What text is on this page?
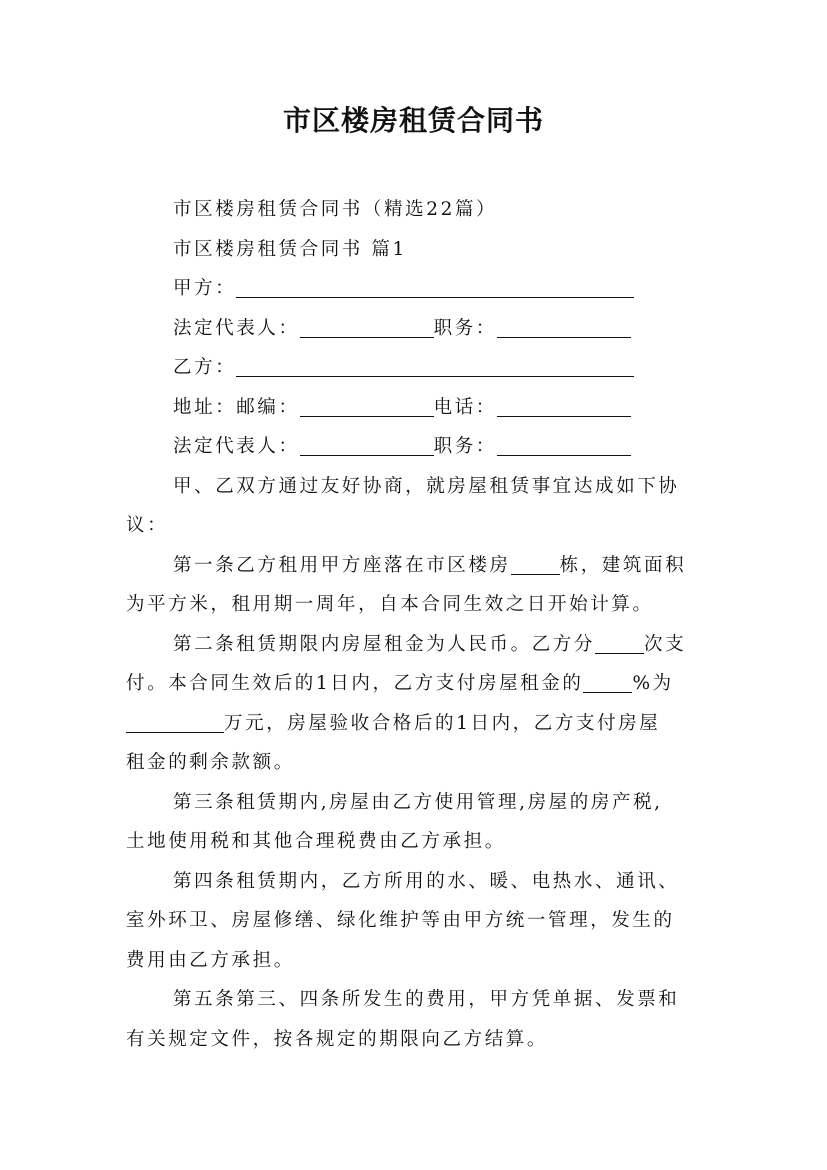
市区楼房租赁合同书
市区楼房租赁合同书（精选22篇）
市区楼房租赁合同书 篇1
甲方：
法定代表人：	职务：
乙方：
地址：邮编：	电话：
法定代表人：	职务：
甲、乙双方通过友好协商，就房屋租赁事宜达成如下协
议：
第一条乙方租用甲方座落在市区楼房	栋，建筑面积
为平方米，租用期一周年，自本合同生效之日开始计算。
第二条租赁期限内房屋租金为人民币。乙方分	次支
付。本合同生效后的1日内，乙方支付房屋租金的	%为
万元，房屋验收合格后的1日内，乙方支付房屋
租金的剩余款额。
第三条租赁期内,房屋由乙方使用管理,房屋的房产税,
土地使用税和其他合理税费由乙方承担。
第四条租赁期内，乙方所用的水、暖、电热水、通讯、
室外环卫、房屋修缮、绿化维护等由甲方统一管理，发生的
费用由乙方承担。
第五条第三、四条所发生的费用，甲方凭单据、发票和
有关规定文件，按各规定的期限向乙方结算。
